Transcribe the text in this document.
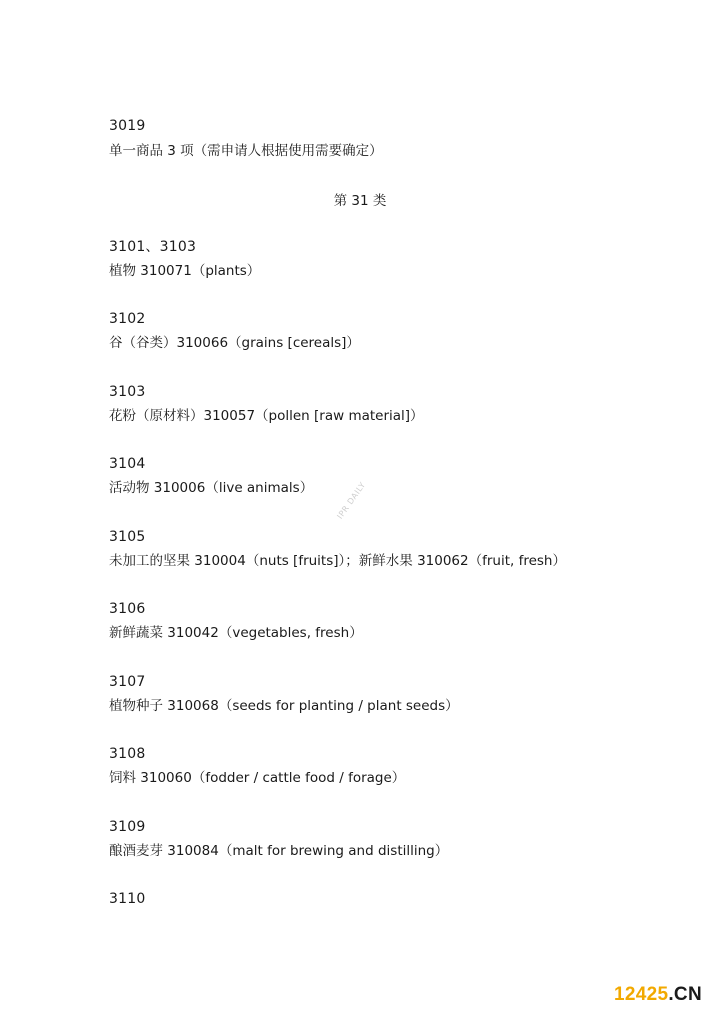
3019
单一商品 3 项（需申请人根据使用需要确定）
第 31 类
3101、3103
植物 310071（plants）
3102
谷（谷类）310066（grains [cereals]）
3103
花粉（原材料）310057（pollen [raw material]）
3104
活动物 310006（live animals）
3105
未加工的坚果 310004（nuts [fruits]）；新鲜水果 310062（fruit, fresh）
3106
新鲜蔬菜 310042（vegetables, fresh）
3107
植物种子 310068（seeds for planting / plant seeds）
3108
饲料 310060（fodder / cattle food / forage）
3109
酿酒麦芽 310084（malt for brewing and distilling）
3110
IPR DAILY
12425.CN
